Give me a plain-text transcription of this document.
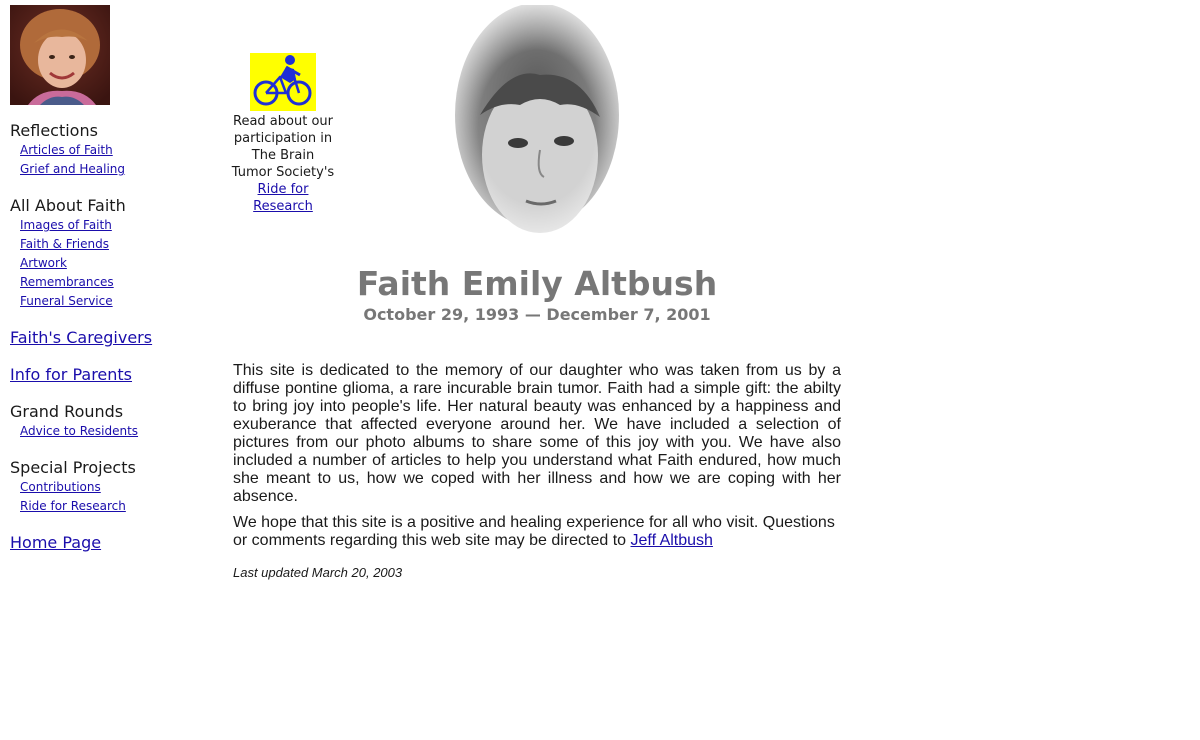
Reflections
Articles of Faith
Grief and Healing
All About Faith
Images of Faith
Faith & Friends
Artwork
Remembrances
Funeral Service
Faith's Caregivers
Info for Parents
Grand Rounds
Advice to Residents
Special Projects
Contributions
Ride for Research
Home Page
Read about our
participation in
The Brain
Tumor Society's
Ride for
Research
Faith Emily Altbush
October 29, 1993 — December 7, 2001

This site is dedicated to the memory of our daughter who was taken from us by a diffuse pontine glioma, a rare incurable brain tumor. Faith had a simple gift: the abilty to bring joy into people's life. Her natural beauty was enhanced by a happiness and exuberance that affected everyone around her. We have included a selection of pictures from our photo albums to share some of this joy with you. We have also included a number of articles to help you understand what Faith endured, how much she meant to us, how we coped with her illness and how we are coping with her absence.

We hope that this site is a positive and healing experience for all who visit. Questions or comments regarding this web site may be directed to Jeff Altbush

Last updated March 20, 2003
